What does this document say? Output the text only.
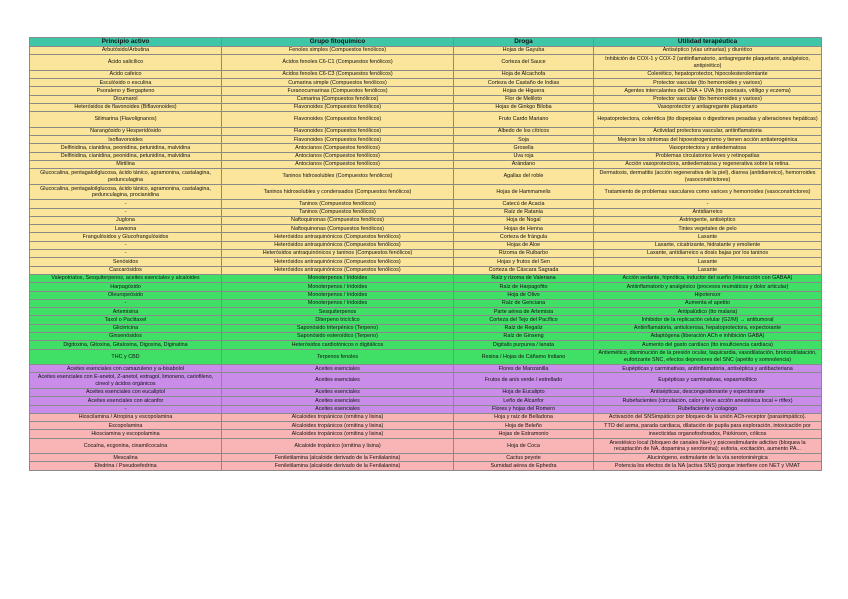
Principio activo	Grupo fitoquímico	Droga	Utilidad terapéutica
Arbutósido/Arbutina	Fenoles simples (Compuestos fenólicos)	Hojas de Gayuba	Antiséptico (vías urinarias) y diurético
Ácido salicílico	Ácidos fenoles C6-C1 (Compuestos fenólicos)	Corteza del Sauce	Inhibición de COX-1 y COX-2 (antiinflamatorio, antiagregante plaquetario, analgésico, antipirético)
Ácido cafeico	Ácidos fenoles C6-C3 (Compuestos fenólicos)	Hoja de Alcachofa	Colerético, hepatoprotector, hipocolesterolemiante
Esculósido o esculina	Cumarina simple (Compuestos fenólicos)	Corteza de Castaño de Indias	Protector vascular (tto hemorroides y varices)
Psoraleno y Bergapteno	Furanocumarinas (Compuestos fenólicos)	Hojas de Higuera	Agentes intercalantes del DNA + UVA (tto psoriasis, vitíligo y eczema)
Dicumarol	Cumarina (Compuestos fenólicos)	Flor de Meliloto	Protector vascular (tto hemorroides y varices)
Heterósidos de flavonoides (Biflavonoides)	Flavonoides (Compuestos fenólicos)	Hojas de Ginkgo Biloba	Vasoprotector y antiagregante plaquetario
Silimarina (Flavolignanos)	Flavonoides (Compuestos fenólicos)	Fruto Cardo Mariano	Hepatoprotectora, colerética (tto dispepsias o digestiones pesadas y alteraciones hepáticas)
Narangósido y Hesperidósido	Flavonoides (Compuestos fenólicos)	Albedo de los cítricos	Actividad protectora vascular, antiinflamatoria
Isoflavonoides	Flavonoides (Compuestos fenólicos)	Soja	Mejoran los síntomas del hipoestrogenismo y tienen acción antiaterogénica
Delfinidina, cianidina, peonidina, petunidina, malvidina	Antocianos (Compuestos fenólicos)	Grosella	Vasoprotectora y antiedematosa
Delfinidina, cianidina, peonidina, petunidina, malvidina	Antocianos (Compuestos fenólicos)	Uva roja	Problemas circulatorios leves y retinopatías
Mirtilina	Antocianos (Compuestos fenólicos)	Arándano	Acción vasoprotectora, antiedematosa y regenerativa sobre la retina.
Glucocalina, pentagaloilglucosa, ácido tánico, agramonina, castalagina, pedunculagina	Taninos hidrosolubles (Compuestos fenólicos)	Agallas del roble	Dermatosis, dermatitis (acción regenerativa de la piel), diarrea (antidiarreico), hemorroides (vasoconstrictores)
Glucocalina, pentagaloilglucosa, ácido tánico, agramonina, castalagina, pedunculagina, procianidina	Taninos hidrosolubles y condensados (Compuestos fenólicos)	Hojas de Hammamelis	Tratamiento de problemas vasculares como varices y hemorroides (vasoconstrictores)
-	Taninos (Compuestos fenólicos)	Catecú de Acacia	-
-	Taninos (Compuestos fenólicos)	Raíz de Ratania	Antidiarreico
Juglona	Naftoquinonas (Compuestos fenólicos)	Hoja de Nogal	Astringente, antiséptico
Lawsona	Naftoquinonas (Compuestos fenólicos)	Hojas de Henna	Tintes vegetales de pelo
Frangulósidos y Glucofrangulósidos	Heterósidos antraquinónicos (Compuestos fenólicos)	Corteza de frángula	Laxante
-	Heterósidos antraquinónicos (Compuestos fenólicos)	Hojas de Aloe	Laxante, cicatrizante, hidratante y emoliente
-	Heterósidos antraquinónicos y taninos (Compuestos fenólicos)	Rizoma de Ruibarbo	Laxante, antidiarreico a dosis bajas por los taninos
Senósidos	Heterósidos antraquinónicos (Compuestos fenólicos)	Hojas y frutos del Sen	Laxante
Cascarósidos	Heterósidos antraquinónicos (Compuestos fenólicos)	Corteza de Cáscara Sagrada	Laxante
Valepotriatos, Sesquiterpenos, aceites esenciales y alcaloides	Monoterpenos / Iridoides	Raíz y rizoma de Valeriana	Acción sedante, hipnótica, inductor del sueño (interacción con GABAA)
Harpagósido	Monoterpenos / Iridoides	Raíz de Harpagofito	Antiinflamatorio y analgésico (procesos reumáticos y dolor articular)
Oleuropeósido	Monoterpenos / Iridoides	Hoja de Olivo	Hipotensor
-	Monoterpenos / Iridoides	Raíz de Genciana	Aumenta el apetito
Artemisina	Sesquiterpenos	Parte aérea de Artemisia	Antipalúdico (tto malaria)
Taxol o Paclitaxel	Diterpeno tricíclico	Corteza del Tejo del Pacífico	Inhibidor de la replicación celular (G2/M) → antitumoral
Glicirricina	Saponósido triterpénico (Terpeno)	Raíz de Regaliz	Antiinflamatoria, antiulcerosa, hepatoprotectora, expectorante
Ginsenósidos	Saponósido esteroídico (Terpeno)	Raíz de Ginseng	Adaptógena (liberación ACh e inhibición GABA)
Digitoxina, Gitoxina, Gitaloxina, Digoxina, Diginatina	Heterósidos cardiotónicos o digitálicos	Digitalis purpurea / lanata	Aumento del gasto cardíaco (tto insuficiencia cardiaca)
THC y CBD	Terpenos fenoles	Resina / Hojas de Cáñamo Indiano	Antiemético, disminución de la presión ocular, taquicardia, vasodilatación, broncodilatación, euforizante SNC, efectos depresores del SNC (apetito y somnolencia)
Aceites esenciales con camazuleno y a-bisabolol	Aceites esenciales	Flores de Manzanilla	Eupépticas y carminativas, antiinflamatoria, antiséptica y antibacteriana
Aceites esenciales con E-anetol, Z-anetol, estragol, limoneno, cariofileno, cineol y ácidos orgánicos	Aceites esenciales	Frutos de anís verde / estrellado	Eupépticas y carminativas, espasmolítico
Aceites esenciales con eucaliptol	Aceites esenciales	Hoja de Eucalipto	Antisépticas, descongestionante y expectorante
Aceites esenciales con alcanfor	Aceites esenciales	Leño de Alcanfor	Rubefacientes (circulación, calor y leve acción anestésica local + rtlfex)
-	Aceites esenciales	Flores y hojas del Romero	Rubefaciente y colagogo
Hioscilamina / Atropina y escopolamina	Alcaloides tropánicos (ornitina y lisina)	Hoja y raíz de Belladona	Activación del SNSimpático por bloqueo de la unión ACh-receptor (parasimpático).
Escopolamina	Alcaloides tropánicos (ornitina y lisina)	Hoja de Beleño	TTO del asma, parada cardiaca, dilatación de pupila para exploración, intoxicación por
Hiosciamina y escopolamina	Alcaloides tropánicos (ornitina y lisina)	Hojas de Estramonio	insecticidas organofosforados, Párkinson, cólicos
Cocaína, ecgonina, cinamilcocaína	Alcaloide tropánico (ornitina y lisina)	Hoja de Coca	Anestésico local (bloqueo de canales Na+) y psicoestimulante adictivo (bloquea la recaptación de NA, dopamina y serotonina); euforia, excitación, aumento PA...
Mescalina	Feniletilamina (alcaloide derivado de la Fenilalanina)	Cactus peyote	Alucinógeno, estimulante de la vía serotoninérgica
Efedrina / Pseudoefedrina	Feniletilamina (alcaloide derivado de la Fenilalanina)	Sumidad aérea de Ephedra	Potencia los efectos de la NA (activa SNS) porque interfiere con NET y VMAT
